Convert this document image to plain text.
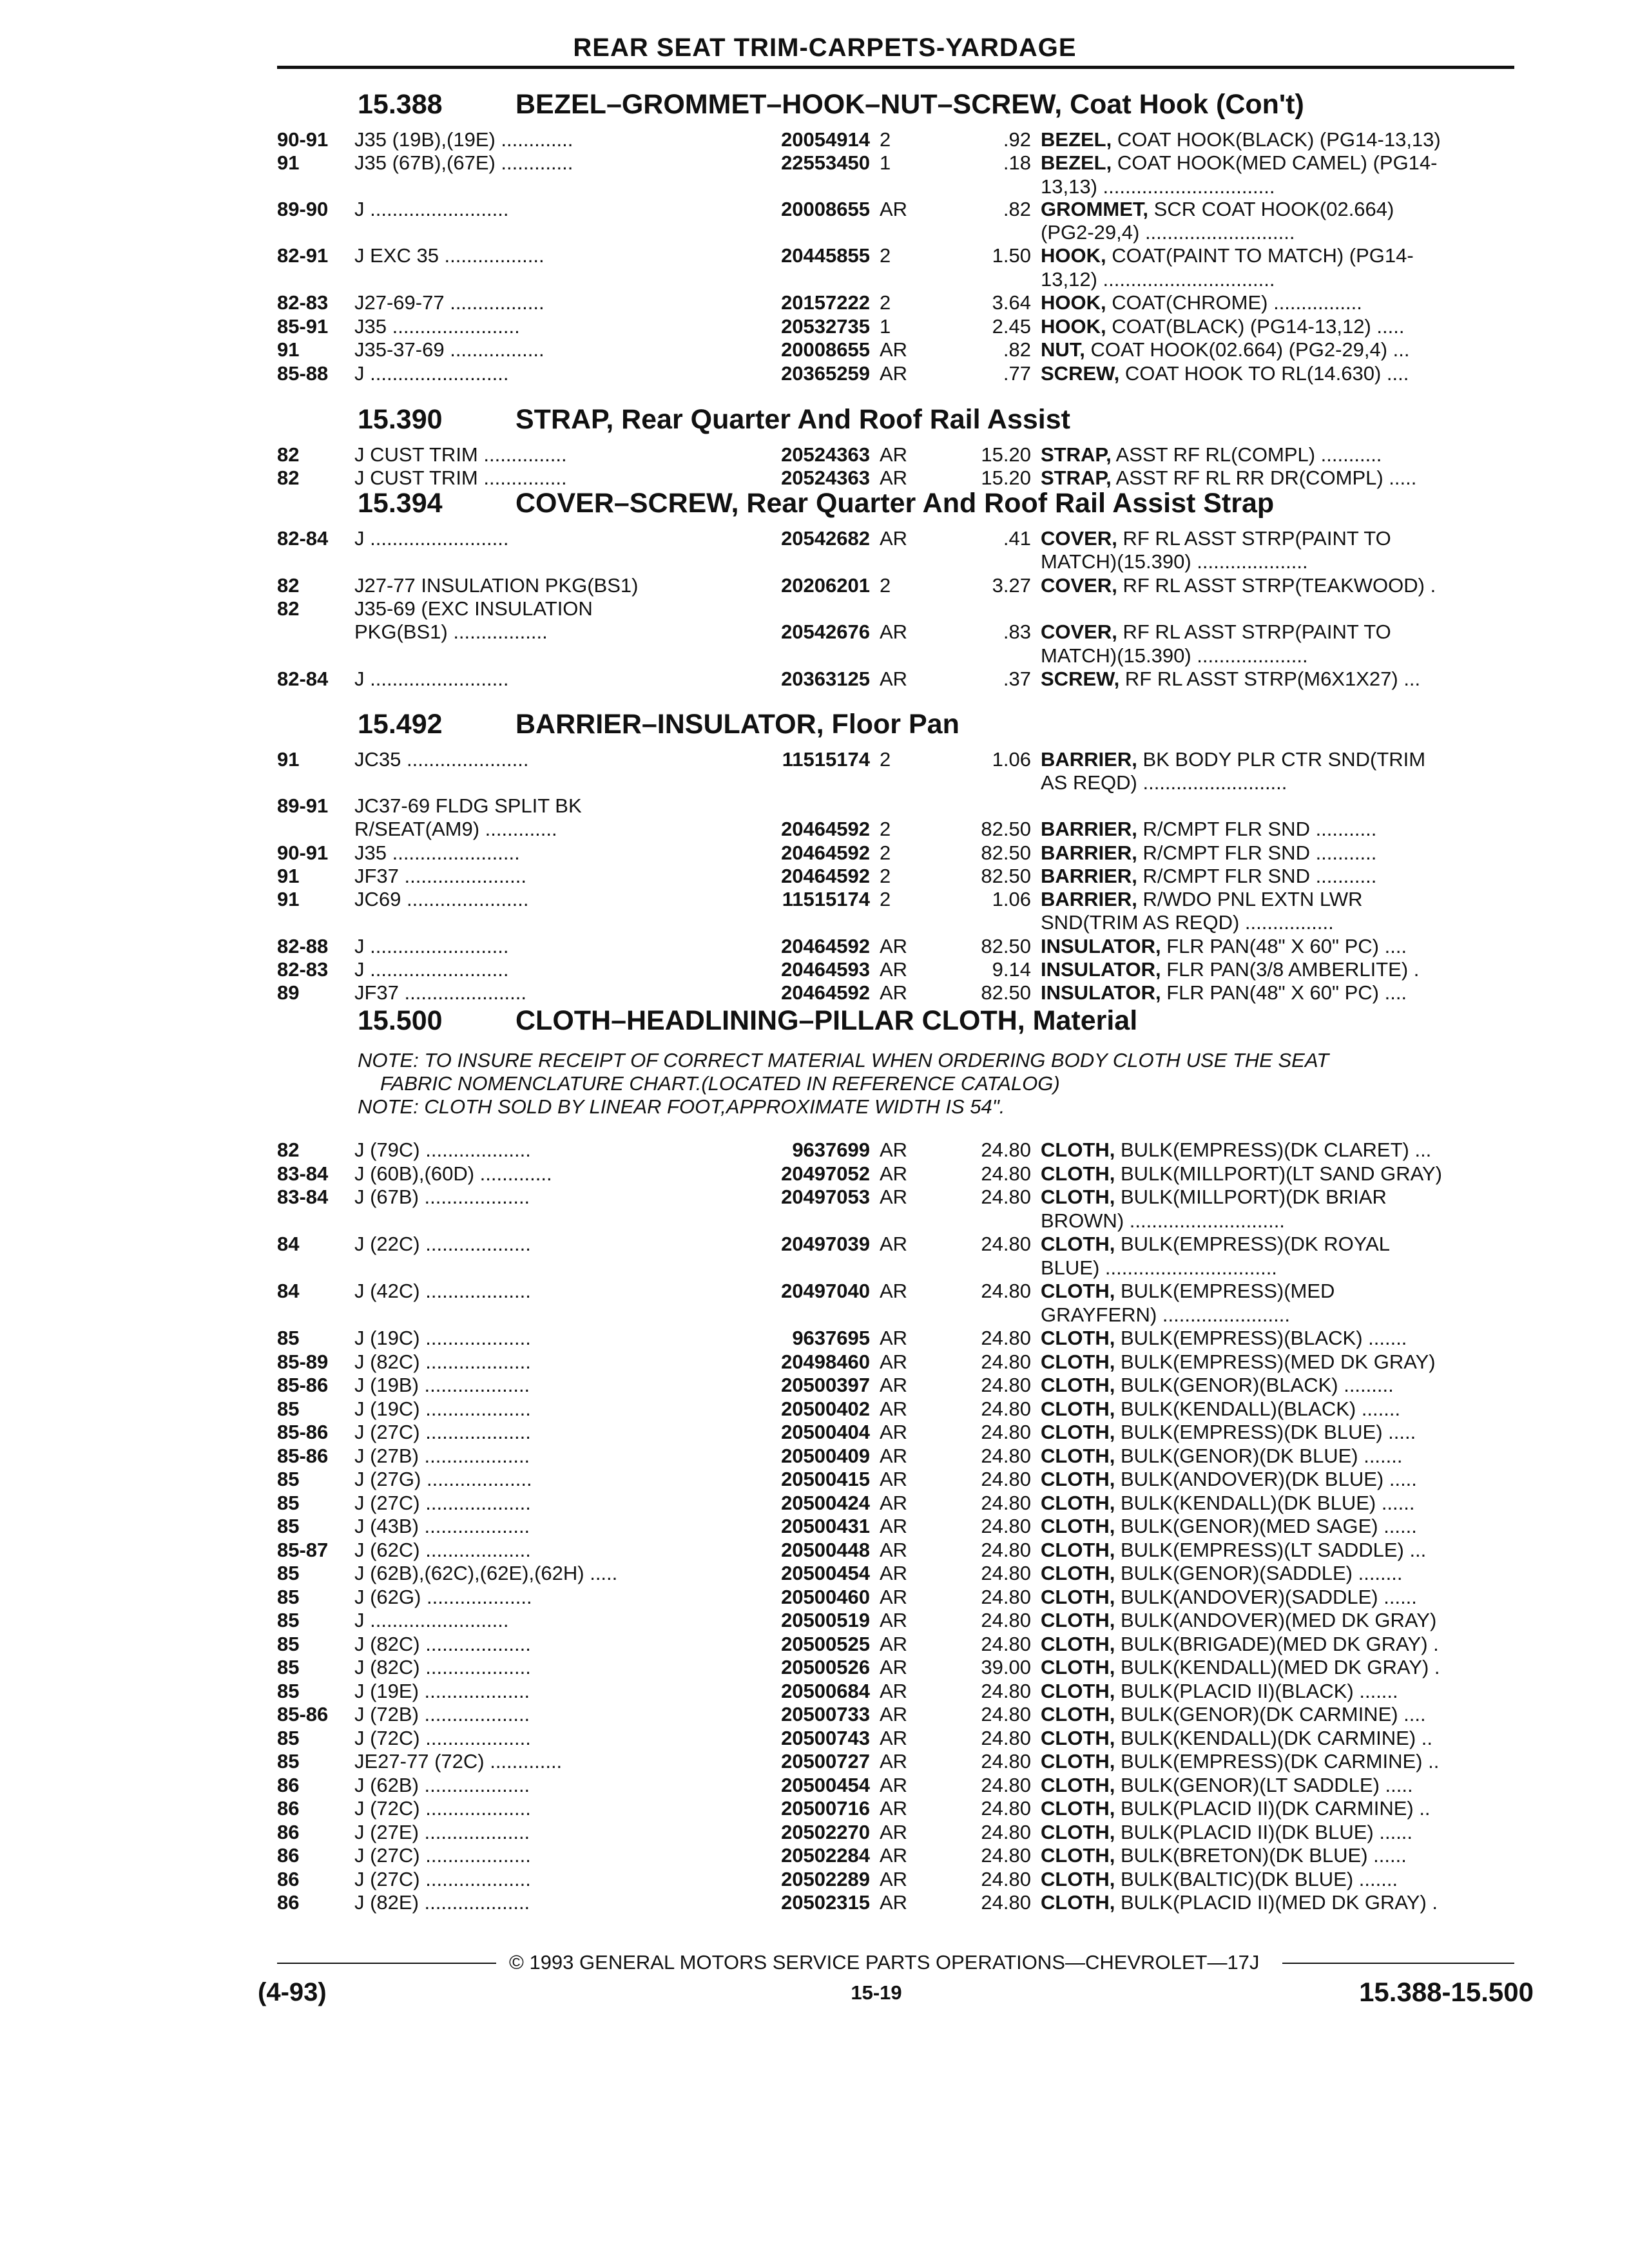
REAR SEAT TRIM-CARPETS-YARDAGE
15.388	BEZEL–GROMMET–HOOK–NUT–SCREW, Coat Hook (Con't)
15.390	STRAP, Rear Quarter And Roof Rail Assist
15.394	COVER–SCREW, Rear Quarter And Roof Rail Assist Strap
15.492	BARRIER–INSULATOR, Floor Pan
15.500	CLOTH–HEADLINING–PILLAR CLOTH, Material
NOTE: TO INSURE RECEIPT OF CORRECT MATERIAL WHEN ORDERING BODY CLOTH USE THE SEAT
FABRIC NOMENCLATURE CHART.(LOCATED IN REFERENCE CATALOG)
NOTE: CLOTH SOLD BY LINEAR FOOT,APPROXIMATE WIDTH IS 54".
90-91 J35 (19B),(19E) .............	20054914 2	.92 BEZEL, COAT HOOK(BLACK) (PG14-13,13)
91	J35 (67B),(67E) .............	22553450 1	.18 BEZEL, COAT HOOK(MED CAMEL) (PG14-
13,13) ...............................
89-90 J .........................	20008655 AR	.82 GROMMET, SCR COAT HOOK(02.664)
(PG2-29,4) ...........................
82-91 J EXC 35 ..................	20445855 2	1.50 HOOK, COAT(PAINT TO MATCH) (PG14-
13,12) ...............................
82-83 J27-69-77 .................	20157222 2	3.64 HOOK, COAT(CHROME) ................
85-91 J35 .......................	20532735 1	2.45 HOOK, COAT(BLACK) (PG14-13,12) .....
91	J35-37-69 .................	20008655 AR	.82 NUT, COAT HOOK(02.664) (PG2-29,4) ...
85-88 J .........................	20365259 AR	.77 SCREW, COAT HOOK TO RL(14.630) ....
82	J CUST TRIM ...............	20524363 AR	15.20 STRAP, ASST RF RL(COMPL) ...........
82	J CUST TRIM ...............	20524363 AR	15.20 STRAP, ASST RF RL RR DR(COMPL) .....
82-84 J .........................	20542682 AR	.41 COVER, RF RL ASST STRP(PAINT TO
MATCH)(15.390) ....................
82	J27-77 INSULATION PKG(BS1)	20206201 2	3.27 COVER, RF RL ASST STRP(TEAKWOOD) .
82	J35-69 (EXC INSULATION
PKG(BS1) .................	20542676 AR	.83 COVER, RF RL ASST STRP(PAINT TO
MATCH)(15.390) ....................
82-84 J .........................	20363125 AR	.37 SCREW, RF RL ASST STRP(M6X1X27) ...
91	JC35 ......................	11515174 2	1.06 BARRIER, BK BODY PLR CTR SND(TRIM
AS REQD) ..........................
89-91 JC37-69 FLDG SPLIT BK
R/SEAT(AM9) .............	20464592 2	82.50 BARRIER, R/CMPT FLR SND ...........
90-91 J35 .......................	20464592 2	82.50 BARRIER, R/CMPT FLR SND ...........
91	JF37 ......................	20464592 2	82.50 BARRIER, R/CMPT FLR SND ...........
91	JC69 ......................	11515174 2	1.06 BARRIER, R/WDO PNL EXTN LWR
SND(TRIM AS REQD) ................
82-88 J .........................	20464592 AR	82.50 INSULATOR, FLR PAN(48" X 60" PC) ....
82-83 J .........................	20464593 AR	9.14 INSULATOR, FLR PAN(3/8 AMBERLITE) .
89	JF37 ......................	20464592 AR	82.50 INSULATOR, FLR PAN(48" X 60" PC) ....
82	J (79C) ...................	9637699 AR	24.80 CLOTH, BULK(EMPRESS)(DK CLARET) ...
83-84 J (60B),(60D) .............	20497052 AR	24.80 CLOTH, BULK(MILLPORT)(LT SAND GRAY)
83-84 J (67B) ...................	20497053 AR	24.80 CLOTH, BULK(MILLPORT)(DK BRIAR
BROWN) ............................
84	J (22C) ...................	20497039 AR	24.80 CLOTH, BULK(EMPRESS)(DK ROYAL
BLUE) ...............................
84	J (42C) ...................	20497040 AR	24.80 CLOTH, BULK(EMPRESS)(MED
GRAYFERN) .......................
85	J (19C) ...................	9637695 AR	24.80 CLOTH, BULK(EMPRESS)(BLACK) .......
85-89 J (82C) ...................	20498460 AR	24.80 CLOTH, BULK(EMPRESS)(MED DK GRAY)
85-86 J (19B) ...................	20500397 AR	24.80 CLOTH, BULK(GENOR)(BLACK) .........
85	J (19C) ...................	20500402 AR	24.80 CLOTH, BULK(KENDALL)(BLACK) .......
85-86 J (27C) ...................	20500404 AR	24.80 CLOTH, BULK(EMPRESS)(DK BLUE) .....
85-86 J (27B) ...................	20500409 AR	24.80 CLOTH, BULK(GENOR)(DK BLUE) .......
85	J (27G) ...................	20500415 AR	24.80 CLOTH, BULK(ANDOVER)(DK BLUE) .....
85	J (27C) ...................	20500424 AR	24.80 CLOTH, BULK(KENDALL)(DK BLUE) ......
85	J (43B) ...................	20500431 AR	24.80 CLOTH, BULK(GENOR)(MED SAGE) ......
85-87 J (62C) ...................	20500448 AR	24.80 CLOTH, BULK(EMPRESS)(LT SADDLE) ...
85	J (62B),(62C),(62E),(62H) .....	20500454 AR	24.80 CLOTH, BULK(GENOR)(SADDLE) ........
85	J (62G) ...................	20500460 AR	24.80 CLOTH, BULK(ANDOVER)(SADDLE) ......
85	J .........................	20500519 AR	24.80 CLOTH, BULK(ANDOVER)(MED DK GRAY)
85	J (82C) ...................	20500525 AR	24.80 CLOTH, BULK(BRIGADE)(MED DK GRAY) .
85	J (82C) ...................	20500526 AR	39.00 CLOTH, BULK(KENDALL)(MED DK GRAY) .
85	J (19E) ...................	20500684 AR	24.80 CLOTH, BULK(PLACID II)(BLACK) .......
85-86 J (72B) ...................	20500733 AR	24.80 CLOTH, BULK(GENOR)(DK CARMINE) ....
85	J (72C) ...................	20500743 AR	24.80 CLOTH, BULK(KENDALL)(DK CARMINE) ..
85	JE27-77 (72C) .............	20500727 AR	24.80 CLOTH, BULK(EMPRESS)(DK CARMINE) ..
86	J (62B) ...................	20500454 AR	24.80 CLOTH, BULK(GENOR)(LT SADDLE) .....
86	J (72C) ...................	20500716 AR	24.80 CLOTH, BULK(PLACID II)(DK CARMINE) ..
86	J (27E) ...................	20502270 AR	24.80 CLOTH, BULK(PLACID II)(DK BLUE) ......
86	J (27C) ...................	20502284 AR	24.80 CLOTH, BULK(BRETON)(DK BLUE) ......
86	J (27C) ...................	20502289 AR	24.80 CLOTH, BULK(BALTIC)(DK BLUE) .......
86	J (82E) ...................	20502315 AR	24.80 CLOTH, BULK(PLACID II)(MED DK GRAY) .
© 1993 GENERAL MOTORS SERVICE PARTS OPERATIONS—CHEVROLET—17J
(4-93)	15-19	15.388-15.500
